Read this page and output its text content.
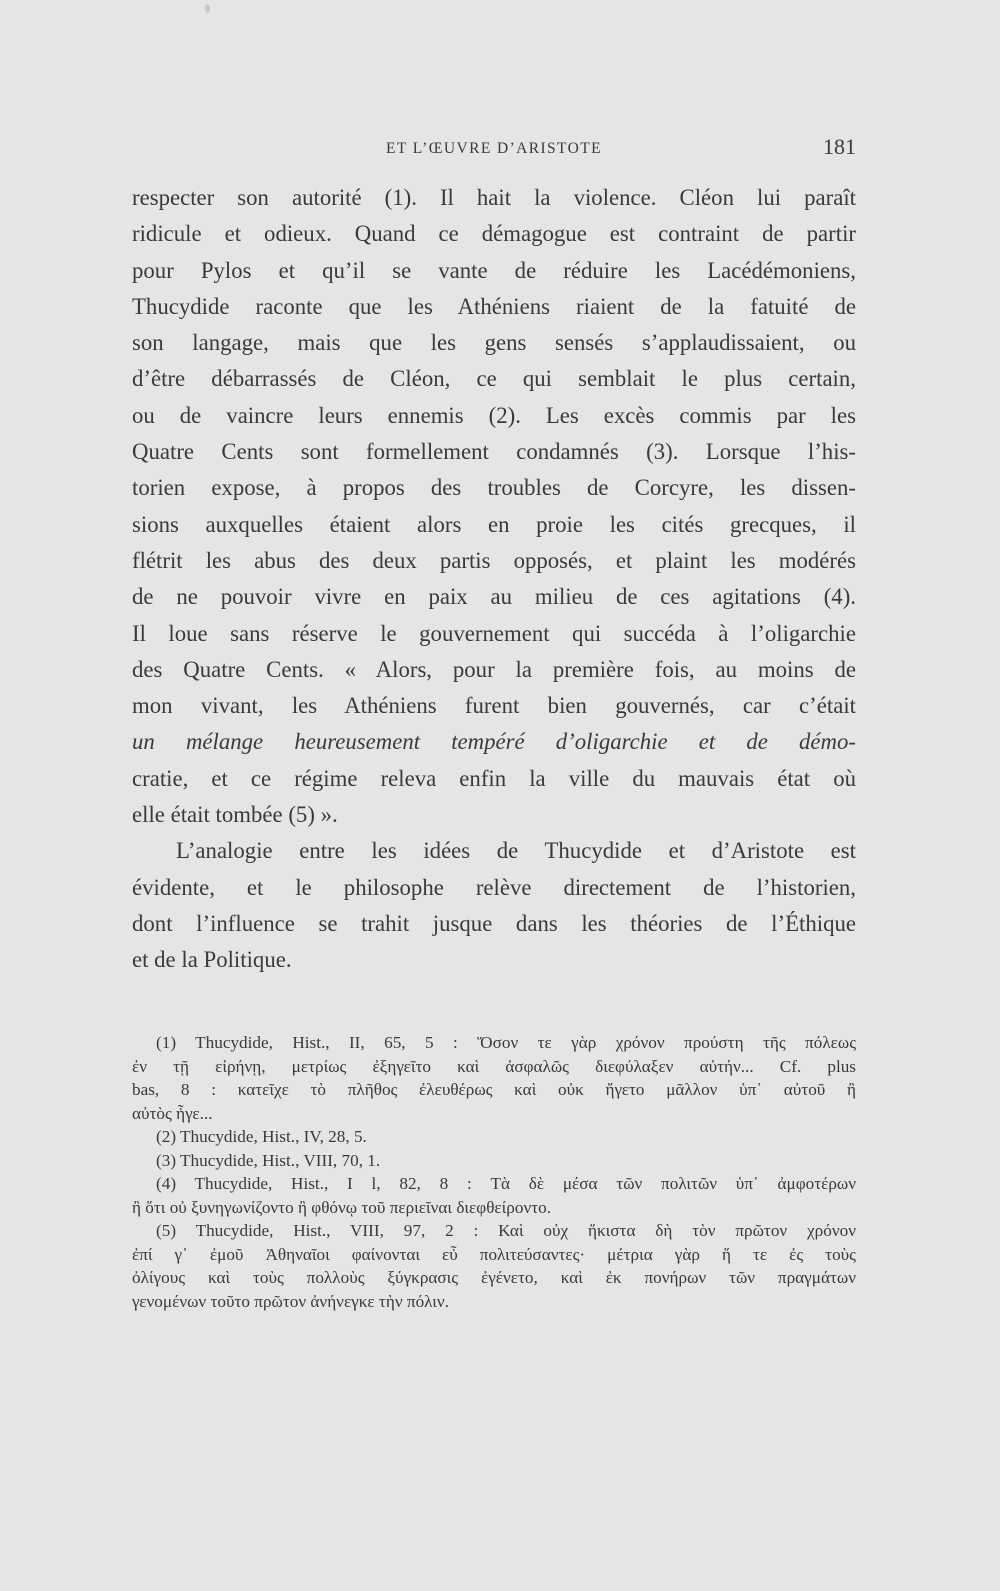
ET L’ŒUVRE D’ARISTOTE	181
respecter son autorité (1). Il hait la violence. Cléon lui paraît
ridicule et odieux. Quand ce démagogue est contraint de partir
pour Pylos et qu’il se vante de réduire les Lacédémoniens,
Thucydide raconte que les Athéniens riaient de la fatuité de
son langage, mais que les gens sensés s’applaudissaient, ou
d’être débarrassés de Cléon, ce qui semblait le plus certain,
ou de vaincre leurs ennemis (2). Les excès commis par les
Quatre Cents sont formellement condamnés (3). Lorsque l’his-
torien expose, à propos des troubles de Corcyre, les dissen-
sions auxquelles étaient alors en proie les cités grecques, il
flétrit les abus des deux partis opposés, et plaint les modérés
de ne pouvoir vivre en paix au milieu de ces agitations (4).
Il loue sans réserve le gouvernement qui succéda à l’oligarchie
des Quatre Cents. « Alors, pour la première fois, au moins de
mon vivant, les Athéniens furent bien gouvernés, car c’était
un mélange heureusement tempéré d’oligarchie et de démo-
cratie, et ce régime releva enfin la ville du mauvais état où
elle était tombée (5) ».
L’analogie entre les idées de Thucydide et d’Aristote est
évidente, et le philosophe relève directement de l’historien,
dont l’influence se trahit jusque dans les théories de l’Éthique
et de la Politique.
(1) Thucydide, Hist., II, 65, 5 : Ὅσον τε γὰρ χρόνον προύστη τῆς πόλεως
ἐν τῇ εἰρήνῃ, μετρίως ἐξηγεῖτο καὶ ἀσφαλῶς διεφύλαξεν αὐτήν... Cf. plus
bas, 8 : κατεῖχε τὸ πλῆθος ἐλευθέρως καὶ οὐκ ἤγετο μᾶλλον ὑπ᾿ αὐτοῦ ἢ
αὐτὸς ἦγε...
(2) Thucydide, Hist., IV, 28, 5.
(3) Thucydide, Hist., VIII, 70, 1.
(4) Thucydide, Hist., I l, 82, 8 : Τὰ δὲ μέσα τῶν πολιτῶν ὑπ᾿ ἀμφοτέρων
ἢ ὅτι οὐ ξυνηγωνίζοντο ἢ φθόνῳ τοῦ περιεῖναι διεφθείροντο.
(5) Thucydide, Hist., VIII, 97, 2 : Καὶ οὐχ ἥκιστα δὴ τὸν πρῶτον χρόνον
ἐπί γ᾿ ἐμοῦ Ἀθηναῖοι φαίνονται εὖ πολιτεύσαντες· μέτρια γὰρ ἥ τε ἐς τοὺς
ὀλίγους καὶ τοὺς πολλοὺς ξύγκρασις ἐγένετο, καὶ ἐκ πονήρων τῶν πραγμάτων
γενομένων τοῦτο πρῶτον ἀνήνεγκε τὴν πόλιν.
